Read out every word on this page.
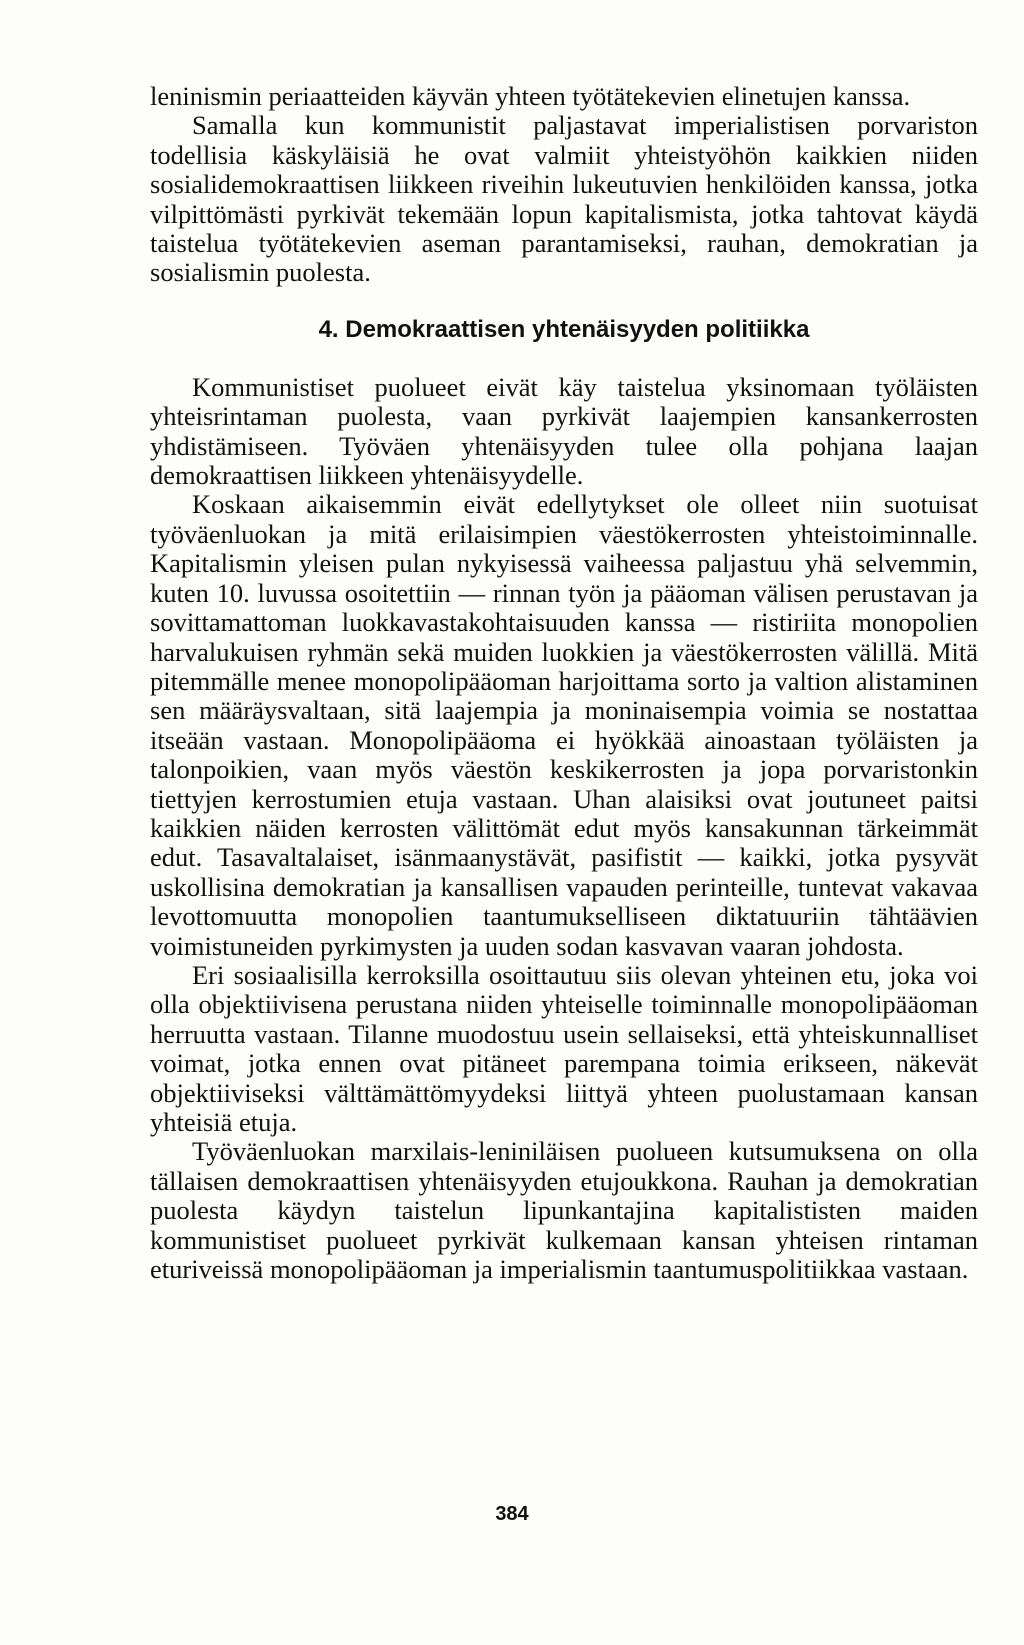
leninismin periaatteiden käyvän yhteen työtätekevien elinetujen kanssa.

Samalla kun kommunistit paljastavat imperialistisen porvariston todellisia käskyläisiä he ovat valmiit yhteistyöhön kaikkien niiden sosialidemokraattisen liikkeen riveihin lukeutuvien henkilöiden kanssa, jotka vilpittömästi pyrkivät tekemään lopun kapitalismista, jotka tahtovat käydä taistelua työtätekevien aseman parantamiseksi, rauhan, demokratian ja sosialismin puolesta.

4. Demokraattisen yhtenäisyyden politiikka

Kommunistiset puolueet eivät käy taistelua yksinomaan työläisten yhteisrintaman puolesta, vaan pyrkivät laajempien kansankerrosten yhdistämiseen. Työväen yhtenäisyyden tulee olla pohjana laajan demokraattisen liikkeen yhtenäisyydelle.

Koskaan aikaisemmin eivät edellytykset ole olleet niin suotuisat työväenluokan ja mitä erilaisimpien väestökerrosten yhteistoiminnalle. Kapitalismin yleisen pulan nykyisessä vaiheessa paljastuu yhä selvemmin, kuten 10. luvussa osoitettiin — rinnan työn ja pääoman välisen perustavan ja sovittamattoman luokkavastakohtaisuuden kanssa — ristiriita monopolien harvalukuisen ryhmän sekä muiden luokkien ja väestökerrosten välillä. Mitä pitemmälle menee monopolipääoman harjoittama sorto ja valtion alistaminen sen määräysvaltaan, sitä laajempia ja moninaisempia voimia se nostattaa itseään vastaan. Monopolipääoma ei hyökkää ainoastaan työläisten ja talonpoikien, vaan myös väestön keskikerrosten ja jopa porvaristonkin tiettyjen kerrostumien etuja vastaan. Uhan alaisiksi ovat joutuneet paitsi kaikkien näiden kerrosten välittömät edut myös kansakunnan tärkeimmät edut. Tasavaltalaiset, isänmaanystävät, pasifistit — kaikki, jotka pysyvät uskollisina demokratian ja kansallisen vapauden perinteille, tuntevat vakavaa levottomuutta monopolien taantumukselliseen diktatuuriin tähtäävien voimistuneiden pyrkimysten ja uuden sodan kasvavan vaaran johdosta.

Eri sosiaalisilla kerroksilla osoittautuu siis olevan yhteinen etu, joka voi olla objektiivisena perustana niiden yhteiselle toiminnalle monopolipääoman herruutta vastaan. Tilanne muodostuu usein sellaiseksi, että yhteiskunnalliset voimat, jotka ennen ovat pitäneet parempana toimia erikseen, näkevät objektiiviseksi välttämättömyydeksi liittyä yhteen puolustamaan kansan yhteisiä etuja.

Työväenluokan marxilais-leniniläisen puolueen kutsumuksena on olla tällaisen demokraattisen yhtenäisyyden etujoukkona. Rauhan ja demokratian puolesta käydyn taistelun lipunkantajina kapitalististen maiden kommunistiset puolueet pyrkivät kulkemaan kansan yhteisen rintaman eturiveissä monopolipääoman ja imperialismin taantumuspolitiikkaa vastaan.

384
